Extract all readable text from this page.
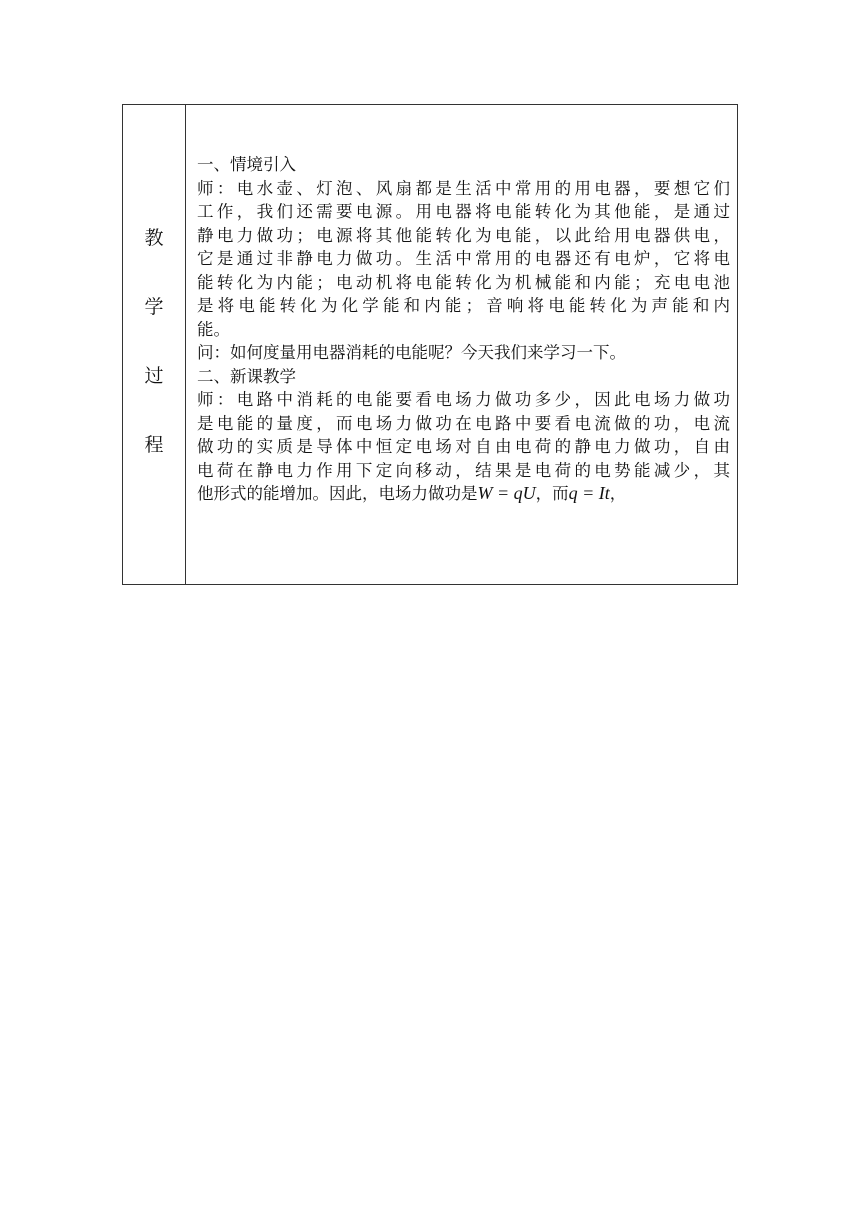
教
学
过
程
一、情境引入
师：电水壶、灯泡、风扇都是生活中常用的用电器，要想它们
工作，我们还需要电源。用电器将电能转化为其他能，是通过
静电力做功；电源将其他能转化为电能，以此给用电器供电，
它是通过非静电力做功。生活中常用的电器还有电炉，它将电
能转化为内能；电动机将电能转化为机械能和内能；充电电池
是将电能转化为化学能和内能；音响将电能转化为声能和内
能。
问：如何度量用电器消耗的电能呢？今天我们来学习一下。
二、新课教学
师：电路中消耗的电能要看电场力做功多少，因此电场力做功
是电能的量度，而电场力做功在电路中要看电流做的功，电流
做功的实质是导体中恒定电场对自由电荷的静电力做功，自由
电荷在静电力作用下定向移动，结果是电荷的电势能减少，其
他形式的能增加。因此，电场力做功是W = qU，而q = It，
